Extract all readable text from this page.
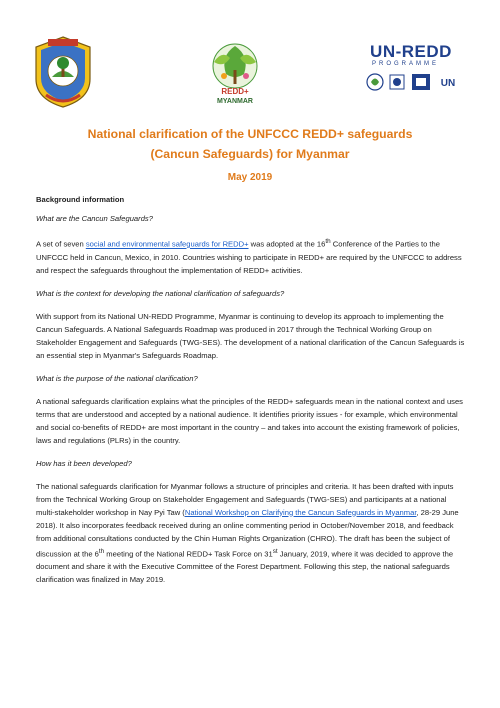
REDD+
MYANMAR
UN-REDD
PROGRAMME
UN
National clarification of the UNFCCC REDD+ safeguards (Cancun Safeguards) for Myanmar
May 2019

Background information

What are the Cancun Safeguards?

A set of seven social and environmental safeguards for REDD+ was adopted at the 16th Conference of the Parties to the UNFCCC held in Cancun, Mexico, in 2010. Countries wishing to participate in REDD+ are required by the UNFCCC to address and respect the safeguards throughout the implementation of REDD+ activities.

What is the context for developing the national clarification of safeguards?

With support from its National UN-REDD Programme, Myanmar is continuing to develop its approach to implementing the Cancun Safeguards. A National Safeguards Roadmap was produced in 2017 through the Technical Working Group on Stakeholder Engagement and Safeguards (TWG-SES). The development of a national clarification of the Cancun Safeguards is an essential step in Myanmar's Safeguards Roadmap.

What is the purpose of the national clarification?

A national safeguards clarification explains what the principles of the REDD+ safeguards mean in the national context and uses terms that are understood and accepted by a national audience. It identifies priority issues - for example, which environmental and social co-benefits of REDD+ are most important in the country – and takes into account the existing framework of policies, laws and regulations (PLRs) in the country.

How has it been developed?

The national safeguards clarification for Myanmar follows a structure of principles and criteria. It has been drafted with inputs from the Technical Working Group on Stakeholder Engagement and Safeguards (TWG-SES) and participants at a national multi-stakeholder workshop in Nay Pyi Taw (National Workshop on Clarifying the Cancun Safeguards in Myanmar, 28-29 June 2018). It also incorporates feedback received during an online commenting period in October/November 2018, and feedback from additional consultations conducted by the Chin Human Rights Organization (CHRO). The draft has been the subject of discussion at the 6th meeting of the National REDD+ Task Force on 31st January, 2019, where it was decided to approve the document and share it with the Executive Committee of the Forest Department. Following this step, the national safeguards clarification was finalized in May 2019.
